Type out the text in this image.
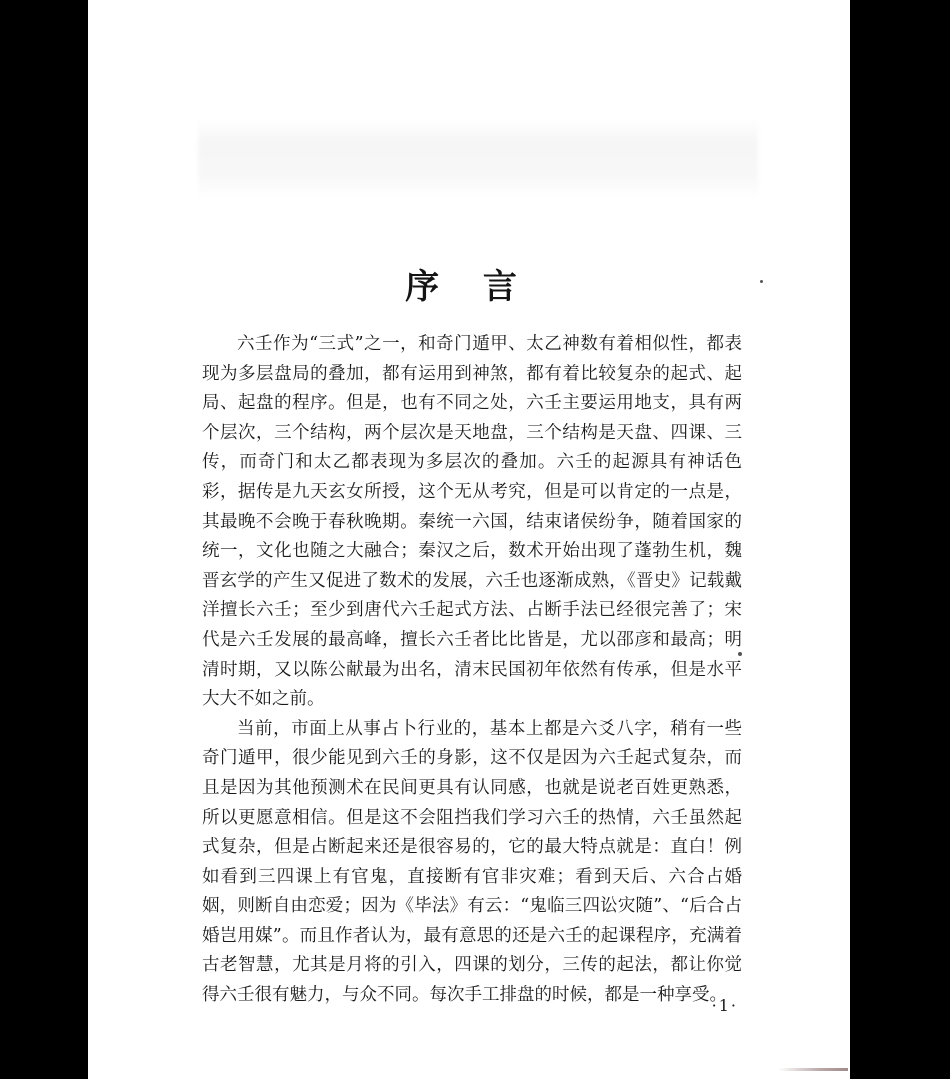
序 言

六壬作为“三式”之一，和奇门遁甲、太乙神数有着相似性，都表现为多层盘局的叠加，都有运用到神煞，都有着比较复杂的起式、起局、起盘的程序。但是，也有不同之处，六壬主要运用地支，具有两个层次，三个结构，两个层次是天地盘，三个结构是天盘、四课、三传，而奇门和太乙都表现为多层次的叠加。六壬的起源具有神话色彩，据传是九天玄女所授，这个无从考究，但是可以肯定的一点是，其最晚不会晚于春秋晚期。秦统一六国，结束诸侯纷争，随着国家的统一，文化也随之大融合；秦汉之后，数术开始出现了蓬勃生机，魏晋玄学的产生又促进了数术的发展，六壬也逐渐成熟，《晋史》记载戴洋擅长六壬；至少到唐代六壬起式方法、占断手法已经很完善了；宋代是六壬发展的最高峰，擅长六壬者比比皆是，尤以邵彦和最高；明清时期，又以陈公献最为出名，清末民国初年依然有传承，但是水平大大不如之前。

当前，市面上从事占卜行业的，基本上都是六爻八字，稍有一些奇门遁甲，很少能见到六壬的身影，这不仅是因为六壬起式复杂，而且是因为其他预测术在民间更具有认同感，也就是说老百姓更熟悉，所以更愿意相信。但是这不会阻挡我们学习六壬的热情，六壬虽然起式复杂，但是占断起来还是很容易的，它的最大特点就是：直白！例如看到三四课上有官鬼，直接断有官非灾难；看到天后、六合占婚姻，则断自由恋爱；因为《毕法》有云：“鬼临三四讼灾随”、“后合占婚岂用媒”。而且作者认为，最有意思的还是六壬的起课程序，充满着古老智慧，尤其是月将的引入，四课的划分，三传的起法，都让你觉得六壬很有魅力，与众不同。每次手工排盘的时候，都是一种享受。

·1·
